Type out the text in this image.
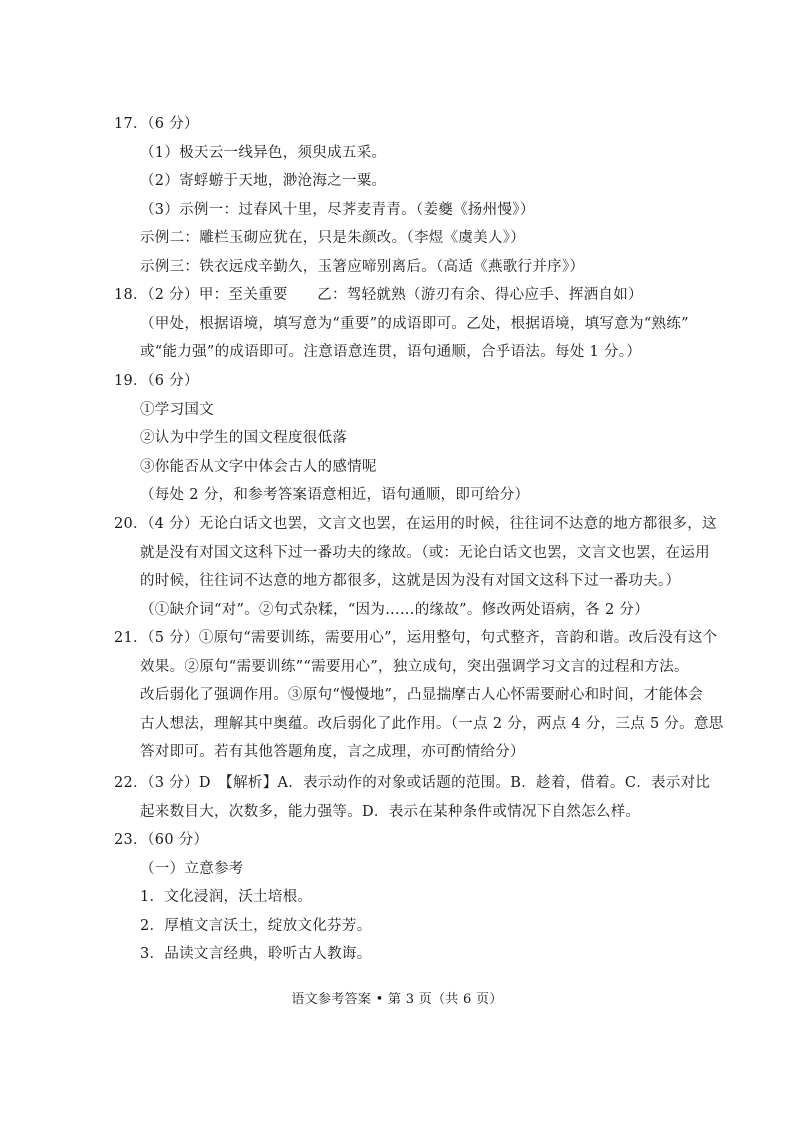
17．（6 分）
（1）极天云一线异色，须臾成五采。
（2）寄蜉蝣于天地，渺沧海之一粟。
（3）示例一：过春风十里，尽荠麦青青。（姜夔《扬州慢》）
示例二：雕栏玉砌应犹在，只是朱颜改。（李煜《虞美人》）
示例三：铁衣远戍辛勤久，玉箸应啼别离后。（高适《燕歌行并序》）
18．（2 分）甲：至关重要　　乙：驾轻就熟（游刃有余、得心应手、挥洒自如）
（甲处，根据语境，填写意为“重要”的成语即可。乙处，根据语境，填写意为“熟练”
或“能力强”的成语即可。注意语意连贯，语句通顺，合乎语法。每处 1 分。）
19．（6 分）
①学习国文
②认为中学生的国文程度很低落
③你能否从文字中体会古人的感情呢
（每处 2 分，和参考答案语意相近，语句通顺，即可给分）
20．（4 分）无论白话文也罢，文言文也罢，在运用的时候，往往词不达意的地方都很多，这
就是没有对国文这科下过一番功夫的缘故。（或：无论白话文也罢，文言文也罢，在运用
的时候，往往词不达意的地方都很多，这就是因为没有对国文这科下过一番功夫。）
（①缺介词“对”。②句式杂糅，“因为……的缘故”。修改两处语病，各 2 分）
21．（5 分）①原句“需要训练，需要用心”，运用整句，句式整齐，音韵和谐。改后没有这个
效果。②原句“需要训练”“需要用心”，独立成句，突出强调学习文言的过程和方法。
改后弱化了强调作用。③原句“慢慢地”，凸显揣摩古人心怀需要耐心和时间，才能体会
古人想法，理解其中奥蕴。改后弱化了此作用。（一点 2 分，两点 4 分，三点 5 分。意思
答对即可。若有其他答题角度，言之成理，亦可酌情给分）
22．（3 分）D　【解析】A．表示动作的对象或话题的范围。B．趁着，借着。C．表示对比
起来数目大，次数多，能力强等。D．表示在某种条件或情况下自然怎么样。
23．（60 分）
（一）立意参考
1．文化浸润，沃土培根。
2．厚植文言沃土，绽放文化芬芳。
3．品读文言经典，聆听古人教诲。
语文参考答案 • 第 3 页（共 6 页）
